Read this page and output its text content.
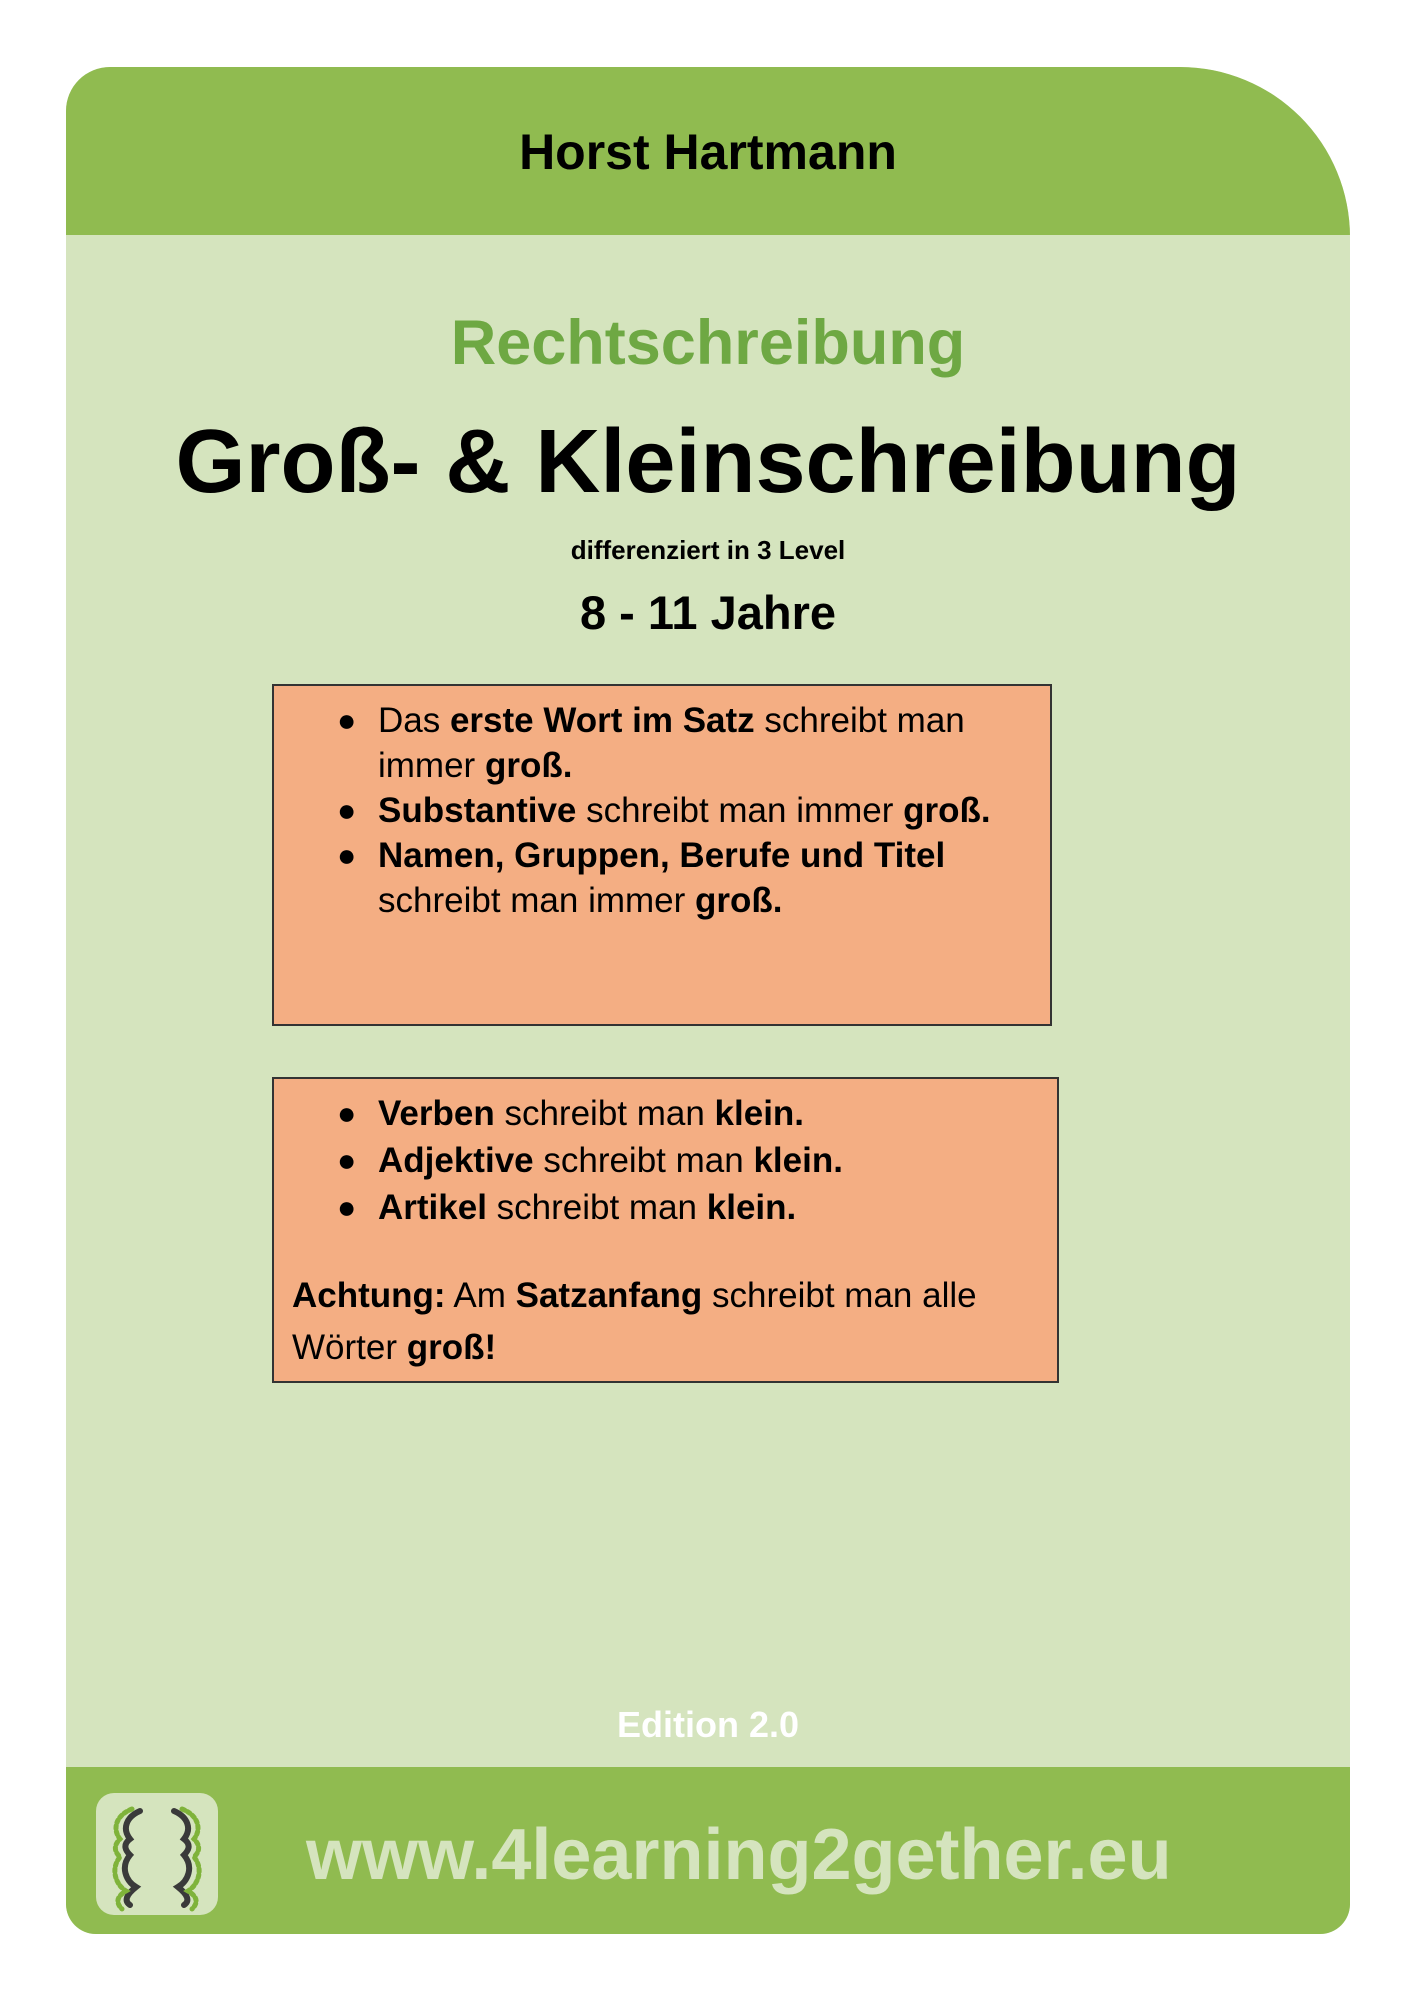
Horst Hartmann
Rechtschreibung
Groß- & Kleinschreibung
differenziert in 3 Level
8 - 11 Jahre
● Das erste Wort im Satz schreibt man immer groß.
● Substantive schreibt man immer groß.
● Namen, Gruppen, Berufe und Titel schreibt man immer groß.
● Verben schreibt man klein.
● Adjektive schreibt man klein.
● Artikel schreibt man klein.
Achtung: Am Satzanfang schreibt man alle Wörter groß!
Edition 2.0
www.4learning2gether.eu
